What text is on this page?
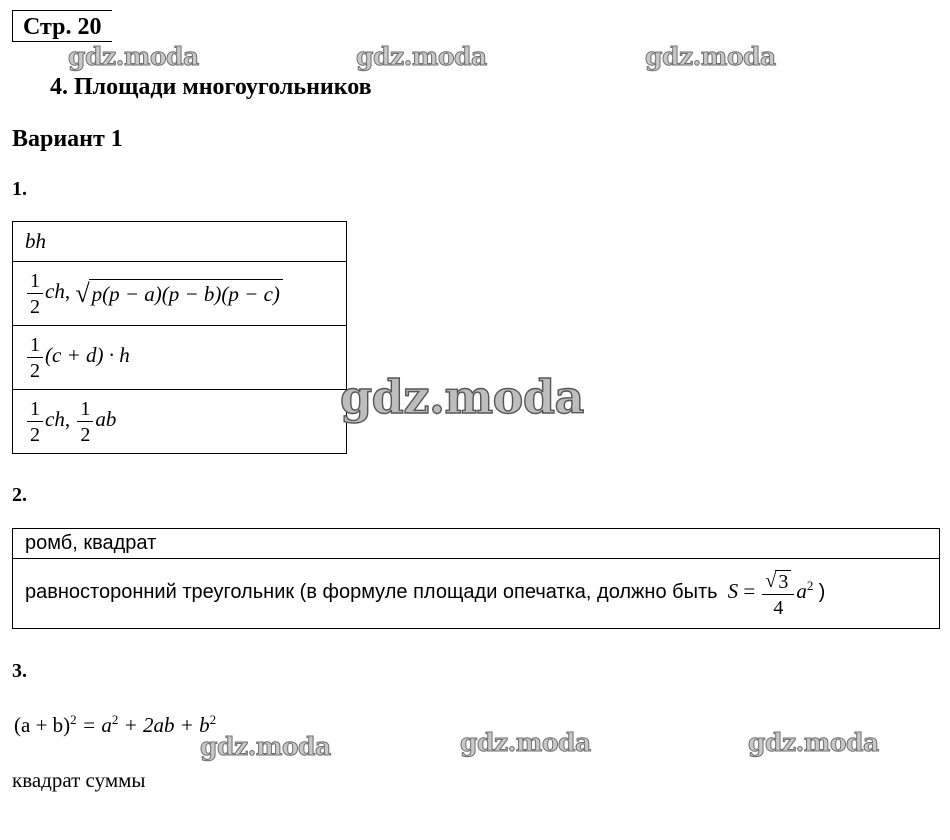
Стр. 20
gdz.moda	gdz.moda	gdz.moda
4. Площади многоугольников
Вариант 1
1.
bh

$\frac{1}{2}$ ch, √ p(p − a)(p − b)(p − c)

$\frac{1}{2} (c + d) \cdot h$

$\frac{1}{2}$ ch, $\frac{1}{2}$ ab	gdz.moda
2.
ромб, квадрат
равносторонний треугольник (в формуле площади опечатка, должно быть $S = \frac{√ 3}{4} a^2$ )
3.
$(a + b)^2 = a^2 + 2ab + b^2$
gdz.moda	gdz.moda	gdz.moda
квадрат суммы
